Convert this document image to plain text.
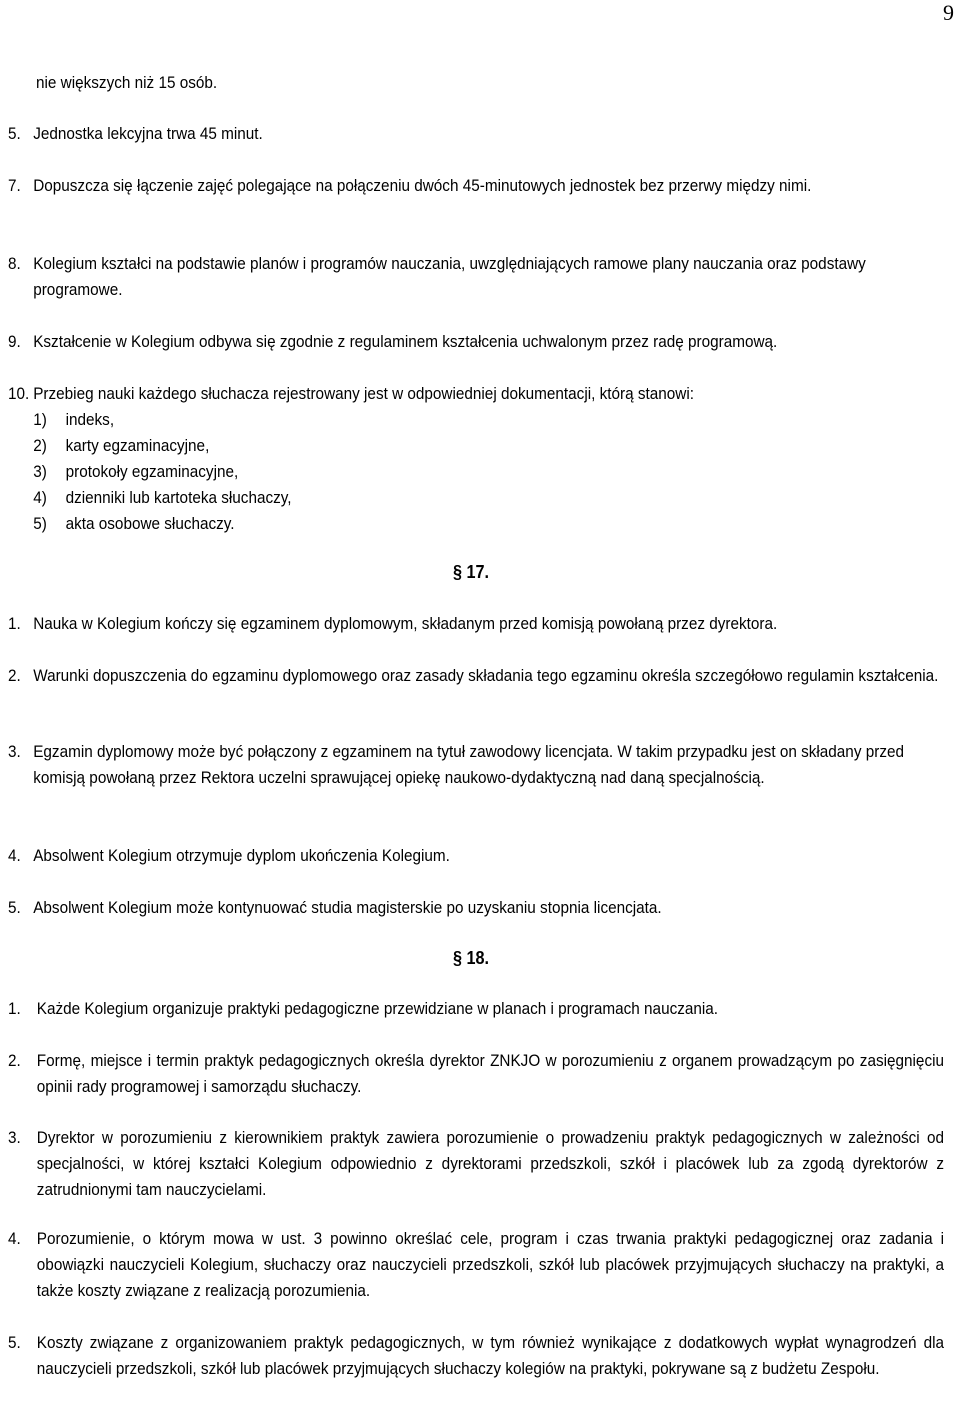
9
nie większych niż 15 osób.
5. Jednostka lekcyjna trwa 45 minut.
7. Dopuszcza się łączenie zajęć polegające na połączeniu dwóch 45-minutowych jednostek bez przerwy między nimi.
8. Kolegium kształci na podstawie planów i programów nauczania, uwzględniających ramowe plany nauczania oraz podstawy programowe.
9. Kształcenie w Kolegium odbywa się zgodnie z regulaminem kształcenia uchwalonym przez radę programową.
10. Przebieg nauki każdego słuchacza rejestrowany jest w odpowiedniej dokumentacji, którą stanowi:
1) indeks,
2) karty egzaminacyjne,
3) protokoły egzaminacyjne,
4) dzienniki lub kartoteka słuchaczy,
5) akta osobowe słuchaczy.
§ 17.
1. Nauka w Kolegium kończy się egzaminem dyplomowym, składanym przed komisją powołaną przez dyrektora.
2. Warunki dopuszczenia do egzaminu dyplomowego oraz zasady składania tego egzaminu określa szczegółowo regulamin kształcenia.
3. Egzamin dyplomowy może być połączony z egzaminem na tytuł zawodowy licencjata. W takim przypadku jest on składany przed komisją powołaną przez Rektora uczelni sprawującej opiekę naukowo-dydaktyczną nad daną specjalnością.
4. Absolwent Kolegium otrzymuje dyplom ukończenia Kolegium.
5. Absolwent Kolegium może kontynuować studia magisterskie po uzyskaniu stopnia licencjata.
§ 18.
1. Każde Kolegium organizuje praktyki pedagogiczne przewidziane w planach i programach nauczania.
2. Formę, miejsce i termin praktyk pedagogicznych określa dyrektor ZNKJO w porozumieniu z organem prowadzącym po zasięgnięciu opinii rady programowej i samorządu słuchaczy.
3. Dyrektor w porozumieniu z kierownikiem praktyk zawiera porozumienie o prowadzeniu praktyk pedagogicznych w zależności od specjalności, w której kształci Kolegium odpowiednio z dyrektorami przedszkoli, szkół i placówek lub za zgodą dyrektorów z zatrudnionymi tam nauczycielami.
4. Porozumienie, o którym mowa w ust. 3 powinno określać cele, program i czas trwania praktyki pedagogicznej oraz zadania i obowiązki nauczycieli Kolegium, słuchaczy oraz nauczycieli przedszkoli, szkół lub placówek przyjmujących słuchaczy na praktyki, a także koszty związane z realizacją porozumienia.
5. Koszty związane z organizowaniem praktyk pedagogicznych, w tym również wynikające z dodatkowych wypłat wynagrodzeń dla nauczycieli przedszkoli, szkół lub placówek przyjmujących słuchaczy kolegiów na praktyki, pokrywane są z budżetu Zespołu.
